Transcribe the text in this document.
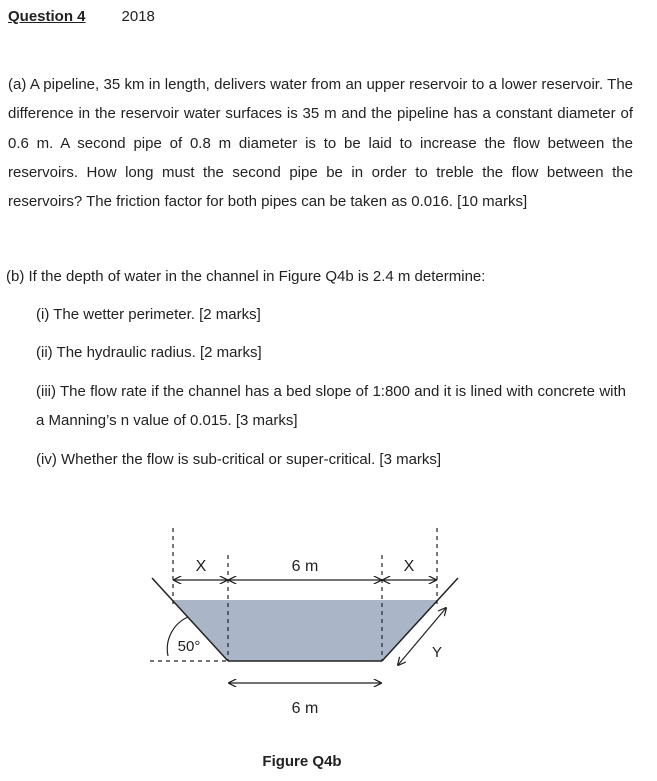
Question 4 2018
(a) A pipeline, 35 km in length, delivers water from an upper reservoir to a lower reservoir. The difference in the reservoir water surfaces is 35 m and the pipeline has a constant diameter of 0.6 m. A second pipe of 0.8 m diameter is to be laid to increase the flow between the reservoirs. How long must the second pipe be in order to treble the flow between the reservoirs? The friction factor for both pipes can be taken as 0.016. [10 marks]
(b) If the depth of water in the channel in Figure Q4b is 2.4 m determine:
(i) The wetter perimeter. [2 marks]
(ii) The hydraulic radius. [2 marks]
(iii) The flow rate if the channel has a bed slope of 1:800 and it is lined with concrete with a Manning’s n value of 0.015. [3 marks]
(iv) Whether the flow is sub-critical or super-critical. [3 marks]
X	6 m	X
50°	Y
6 m
Figure Q4b
